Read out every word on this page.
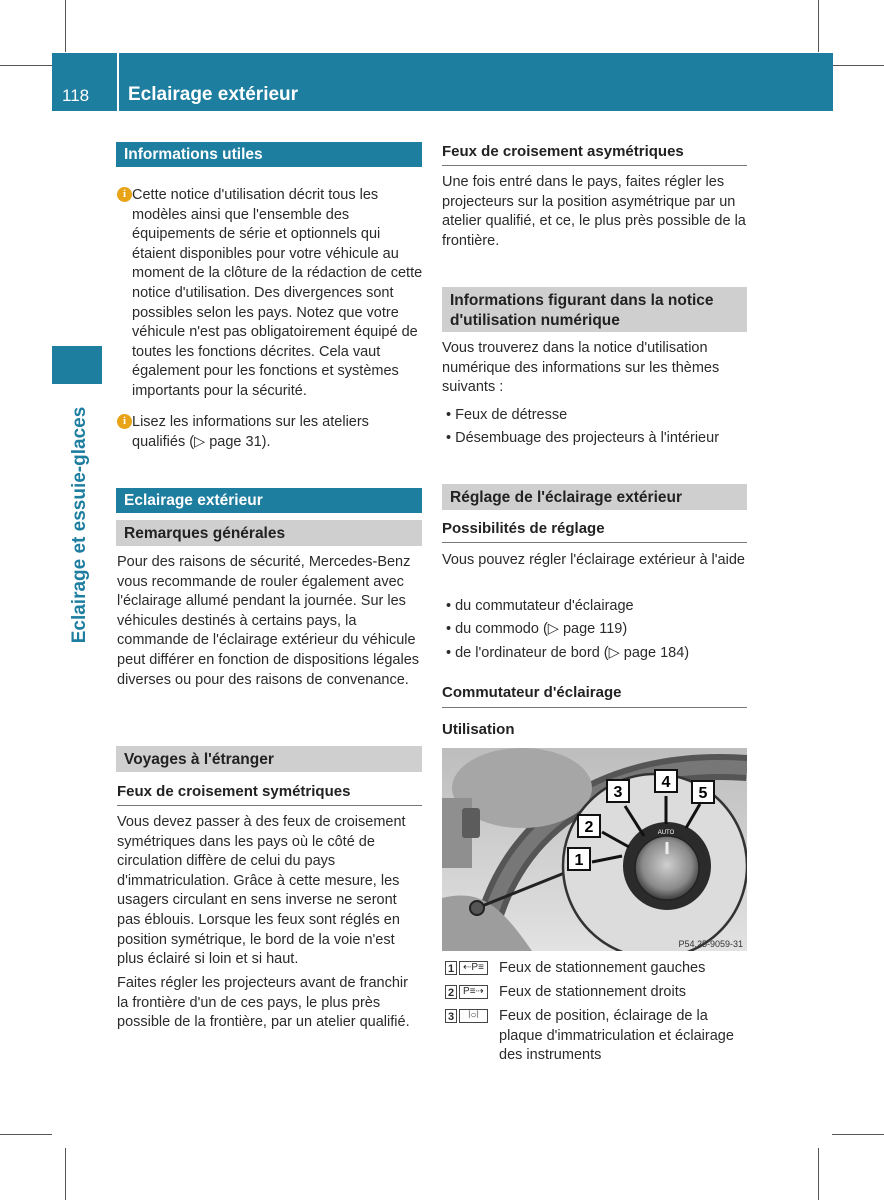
118 Eclairage extérieur
Eclairage et essuie-glaces
Informations utiles
i Cette notice d'utilisation décrit tous les modèles ainsi que l'ensemble des équipements de série et optionnels qui étaient disponibles pour votre véhicule au moment de la clôture de la rédaction de cette notice d'utilisation. Des divergences sont possibles selon les pays. Notez que votre véhicule n'est pas obligatoirement équipé de toutes les fonctions décrites. Cela vaut également pour les fonctions et systèmes importants pour la sécurité.

i Lisez les informations sur les ateliers qualifiés (▷ page 31).

Eclairage extérieur
Remarques générales
Pour des raisons de sécurité, Mercedes-Benz vous recommande de rouler également avec l'éclairage allumé pendant la journée. Sur les véhicules destinés à certains pays, la commande de l'éclairage extérieur du véhicule peut différer en fonction de dispositions légales diverses ou pour des raisons de convenance.
Voyages à l'étranger
Feux de croisement symétriques
Vous devez passer à des feux de croisement symétriques dans les pays où le côté de circulation diffère de celui du pays d'immatriculation. Grâce à cette mesure, les usagers circulant en sens inverse ne seront pas éblouis. Lorsque les feux sont réglés en position symétrique, le bord de la voie n'est plus éclairé si loin et si haut.
Faites régler les projecteurs avant de franchir la frontière d'un de ces pays, le plus près possible de la frontière, par un atelier qualifié.
Feux de croisement asymétriques
Une fois entré dans le pays, faites régler les projecteurs sur la position asymétrique par un atelier qualifié, et ce, le plus près possible de la frontière.
Informations figurant dans la notice d'utilisation numérique
Vous trouverez dans la notice d'utilisation numérique des informations sur les thèmes suivants :
• Feux de détresse
• Désembuage des projecteurs à l'intérieur
Réglage de l'éclairage extérieur
Possibilités de réglage
Vous pouvez régler l'éclairage extérieur à l'aide
• du commutateur d'éclairage
• du commodo (▷ page 119)
• de l'ordinateur de bord (▷ page 184)
Commutateur d'éclairage
Utilisation
AUTO
1
2
3
4
5
P54.25-9059-31
1 ⇠P≡ Feux de stationnement gauches
2 P≡⇢ Feux de stationnement droits
3	⦚○⦚	Feux de position, éclairage de la plaque d'immatriculation et éclairage des instruments
